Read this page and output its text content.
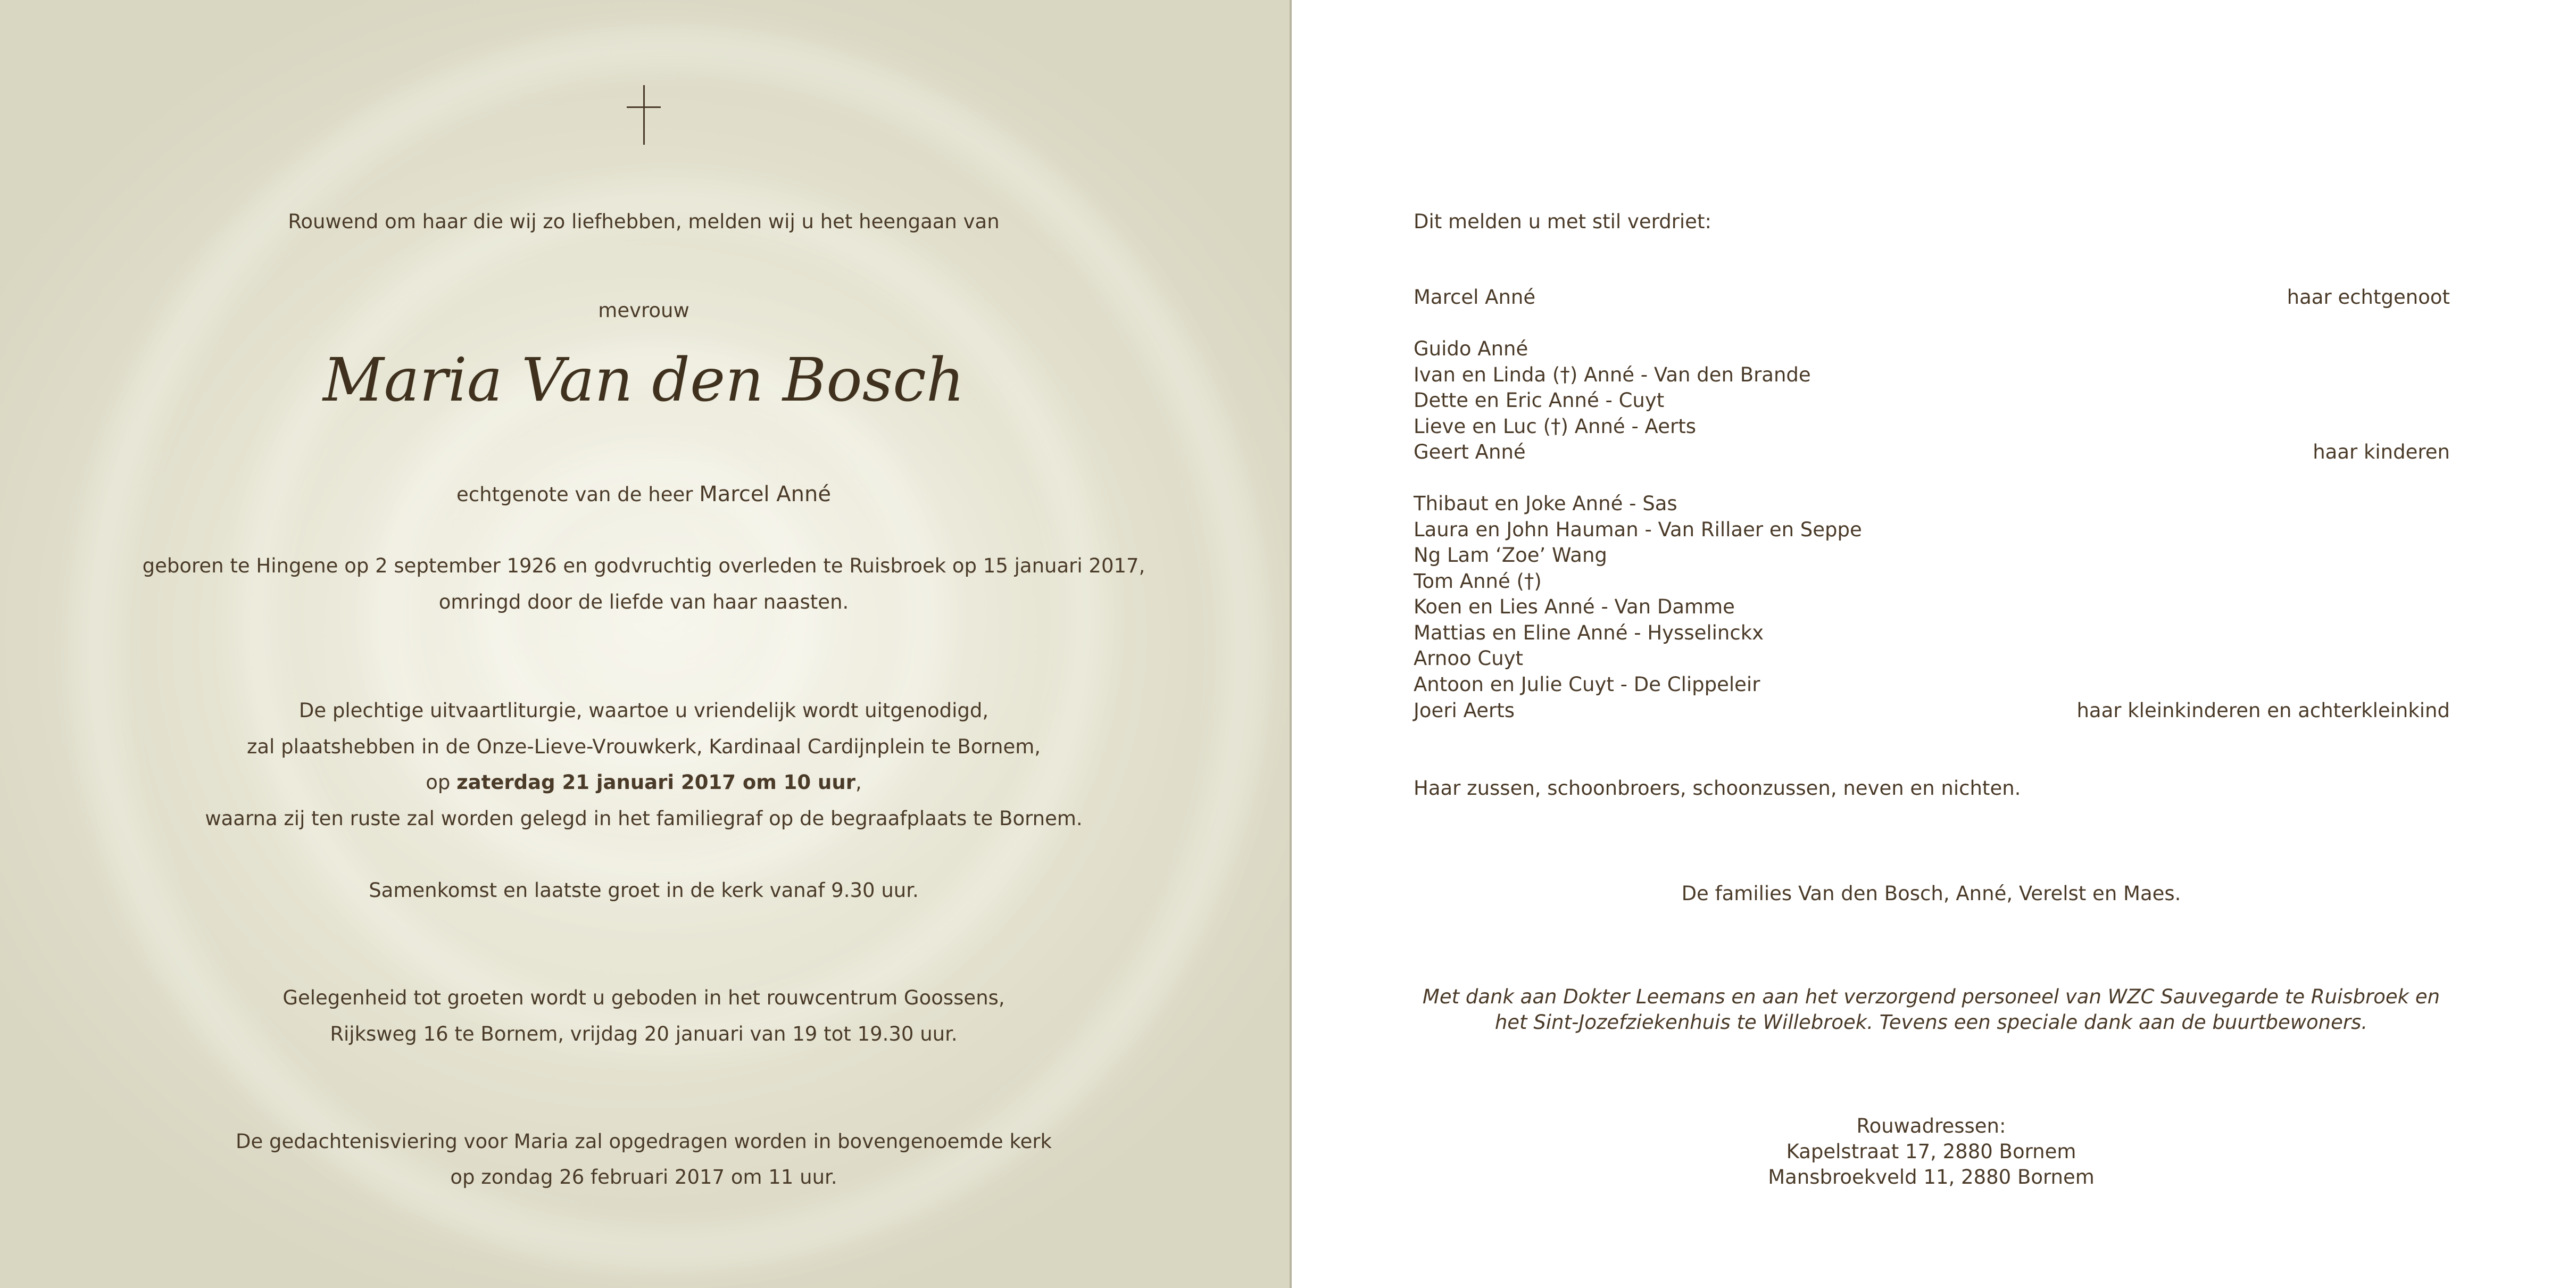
Rouwend om haar die wij zo liefhebben, melden wij u het heengaan van
mevrouw
Maria Van den Bosch
echtgenote van de heer Marcel Anné
geboren te Hingene op 2 september 1926 en godvruchtig overleden te Ruisbroek op 15 januari 2017,
omringd door de liefde van haar naasten.
De plechtige uitvaartliturgie, waartoe u vriendelijk wordt uitgenodigd,
zal plaatshebben in de Onze-Lieve-Vrouwkerk, Kardinaal Cardijnplein te Bornem,
op zaterdag 21 januari 2017 om 10 uur,
waarna zij ten ruste zal worden gelegd in het familiegraf op de begraafplaats te Bornem.
Samenkomst en laatste groet in de kerk vanaf 9.30 uur.
Gelegenheid tot groeten wordt u geboden in het rouwcentrum Goossens,
Rijksweg 16 te Bornem, vrijdag 20 januari van 19 tot 19.30 uur.
De gedachtenisviering voor Maria zal opgedragen worden in bovengenoemde kerk
op zondag 26 februari 2017 om 11 uur.
Dit melden u met stil verdriet:
Marcel Anné	haar echtgenoot
Guido Anné
Ivan en Linda (†) Anné - Van den Brande
Dette en Eric Anné - Cuyt
Lieve en Luc (†) Anné - Aerts
Geert Anné	haar kinderen
Thibaut en Joke Anné - Sas
Laura en John Hauman - Van Rillaer en Seppe
Ng Lam ‘Zoe’ Wang
Tom Anné (†)
Koen en Lies Anné - Van Damme
Mattias en Eline Anné - Hysselinckx
Arnoo Cuyt
Antoon en Julie Cuyt - De Clippeleir
Joeri Aerts	haar kleinkinderen en achterkleinkind
Haar zussen, schoonbroers, schoonzussen, neven en nichten.
De families Van den Bosch, Anné, Verelst en Maes.
Met dank aan Dokter Leemans en aan het verzorgend personeel van WZC Sauvegarde te Ruisbroek en
het Sint-Jozefziekenhuis te Willebroek. Tevens een speciale dank aan de buurtbewoners.
Rouwadressen:
Kapelstraat 17, 2880 Bornem
Mansbroekveld 11, 2880 Bornem
